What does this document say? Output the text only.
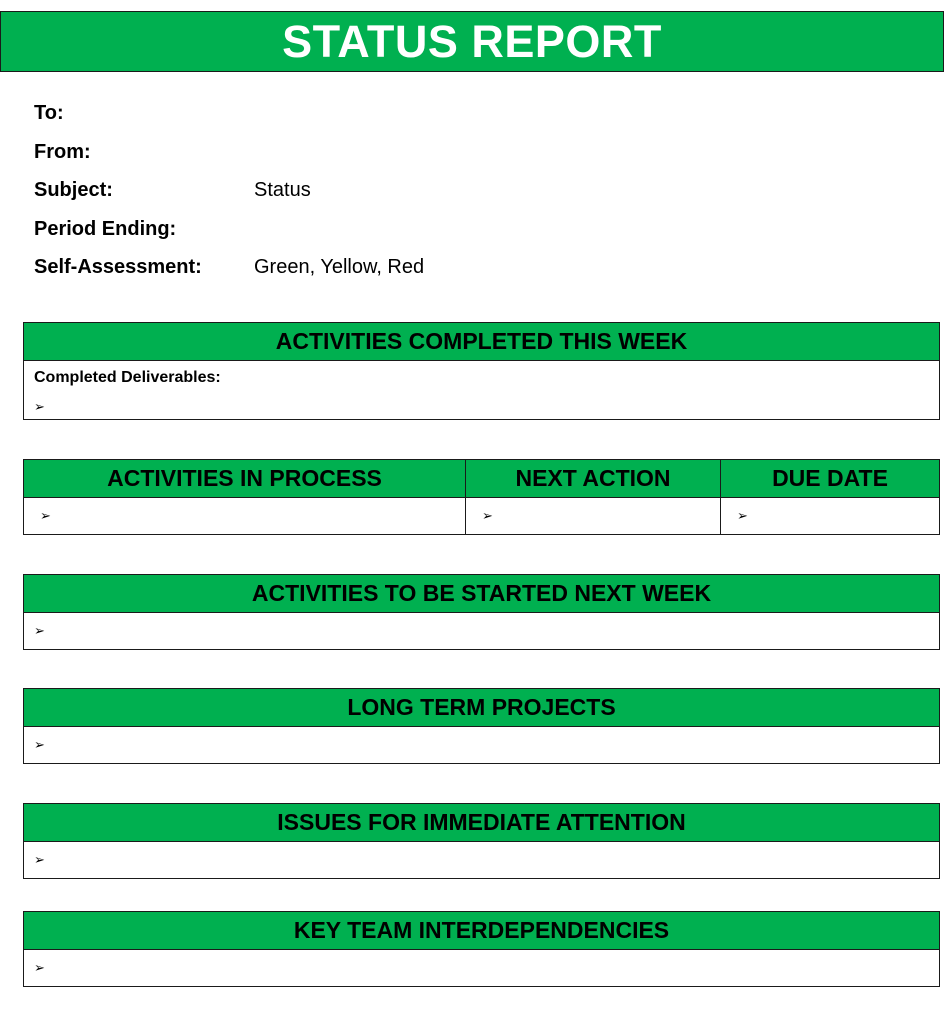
STATUS REPORT
To:
From:
Subject:	Status
Period Ending:
Self-Assessment:	Green, Yellow, Red
ACTIVITIES COMPLETED THIS WEEK
Completed Deliverables:
➢
ACTIVITIES IN PROCESS
➢
NEXT ACTION
➢
DUE DATE
➢
ACTIVITIES TO BE STARTED NEXT WEEK
➢
LONG TERM PROJECTS
➢
ISSUES FOR IMMEDIATE ATTENTION
➢
KEY TEAM INTERDEPENDENCIES
➢
